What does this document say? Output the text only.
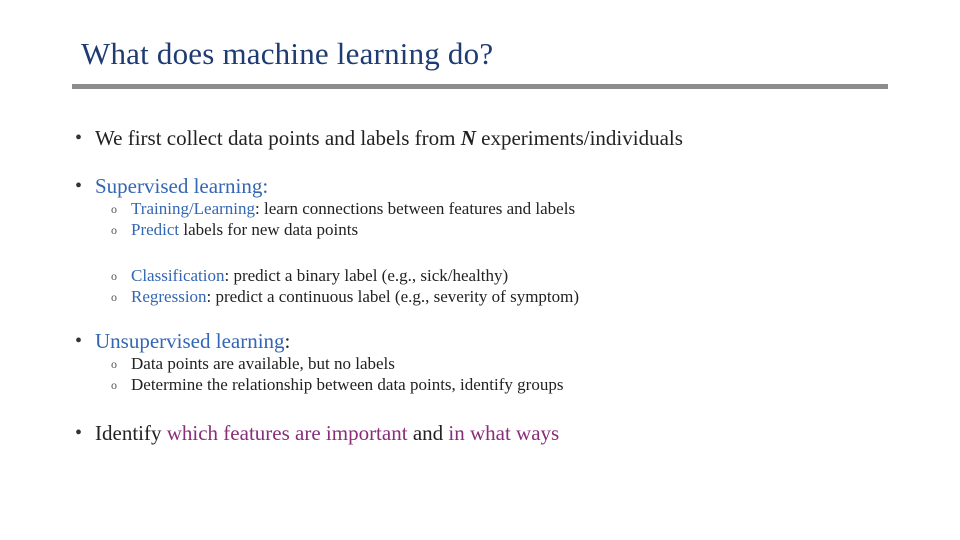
What does machine learning do?
• We first collect data points and labels from N experiments/individuals
• Supervised learning:
o Training/Learning: learn connections between features and labels
o Predict labels for new data points
o Classification: predict a binary label (e.g., sick/healthy)
o Regression: predict a continuous label (e.g., severity of symptom)
• Unsupervised learning:
o Data points are available, but no labels
o Determine the relationship between data points, identify groups
• Identify which features are important and in what ways
